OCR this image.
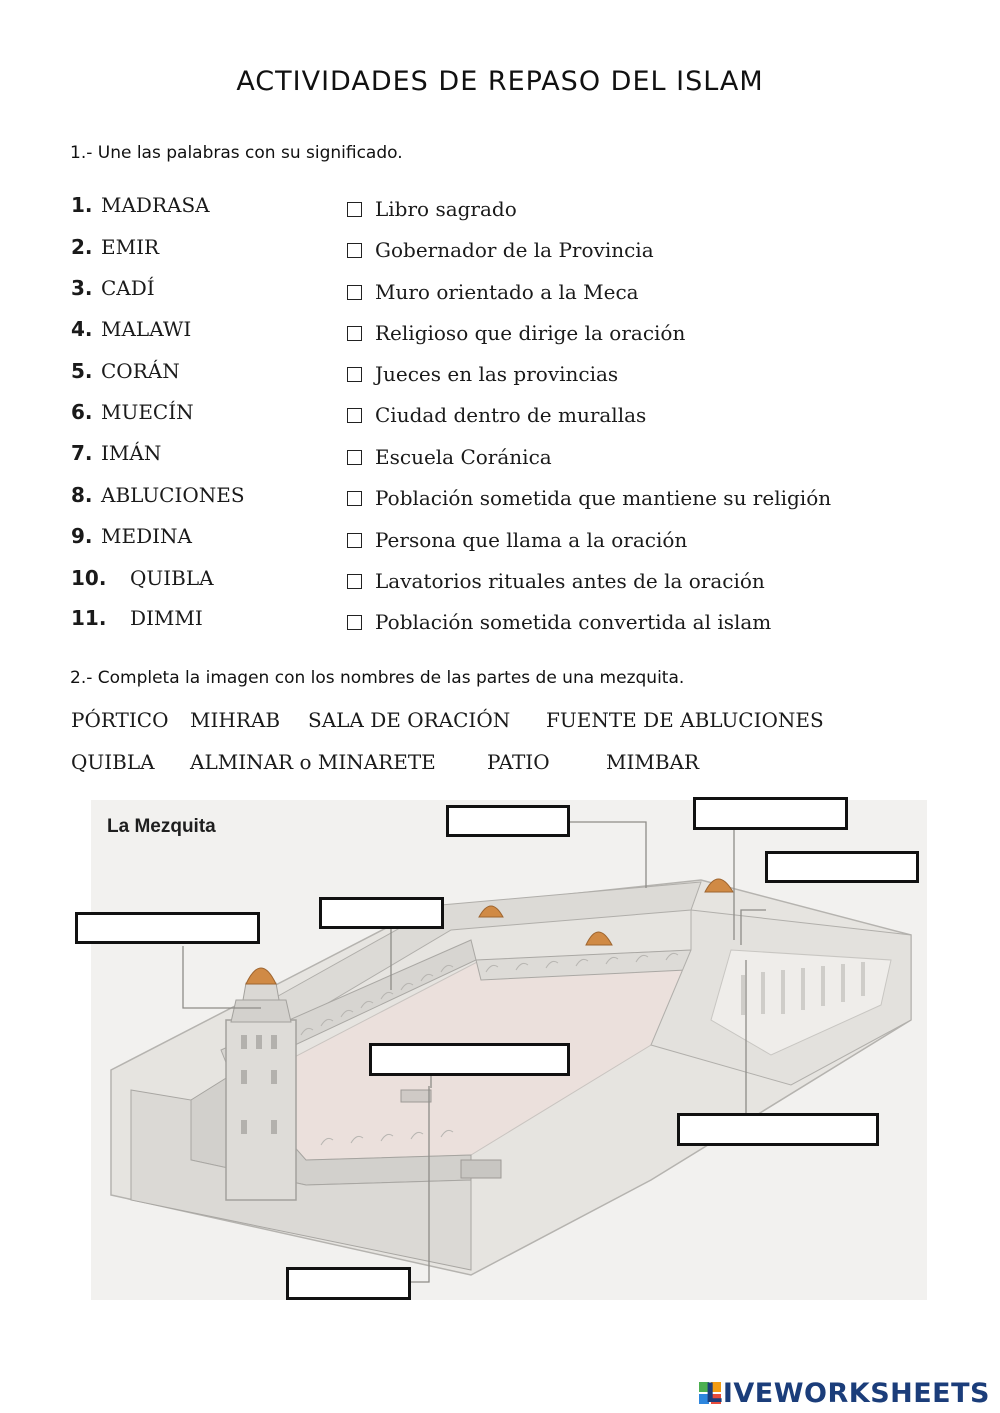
ACTIVIDADES DE REPASO DEL ISLAM
1.- Une las palabras con su significado.
1. MADRASA
2. EMIR
3. CADÍ
4. MALAWI
5. CORÁN
6. MUECÍN
7. IMÁN
8. ABLUCIONES
9. MEDINA
10. QUIBLA
11. DIMMI
Libro sagrado
Gobernador de la Provincia
Muro orientado a la Meca
Religioso que dirige la oración
Jueces en las provincias
Ciudad dentro de murallas
Escuela Coránica
Población sometida que mantiene su religión
Persona que llama a la oración
Lavatorios rituales antes de la oración
Población sometida convertida al islam
2.- Completa la imagen con los nombres de las partes de una mezquita.
PÓRTICO MIHRAB SALA DE ORACIÓN FUENTE DE ABLUCIONES
QUIBLA ALMINAR o MINARETE	PATIO	MIMBAR
La Mezquita
LIVEWORKSHEETS
